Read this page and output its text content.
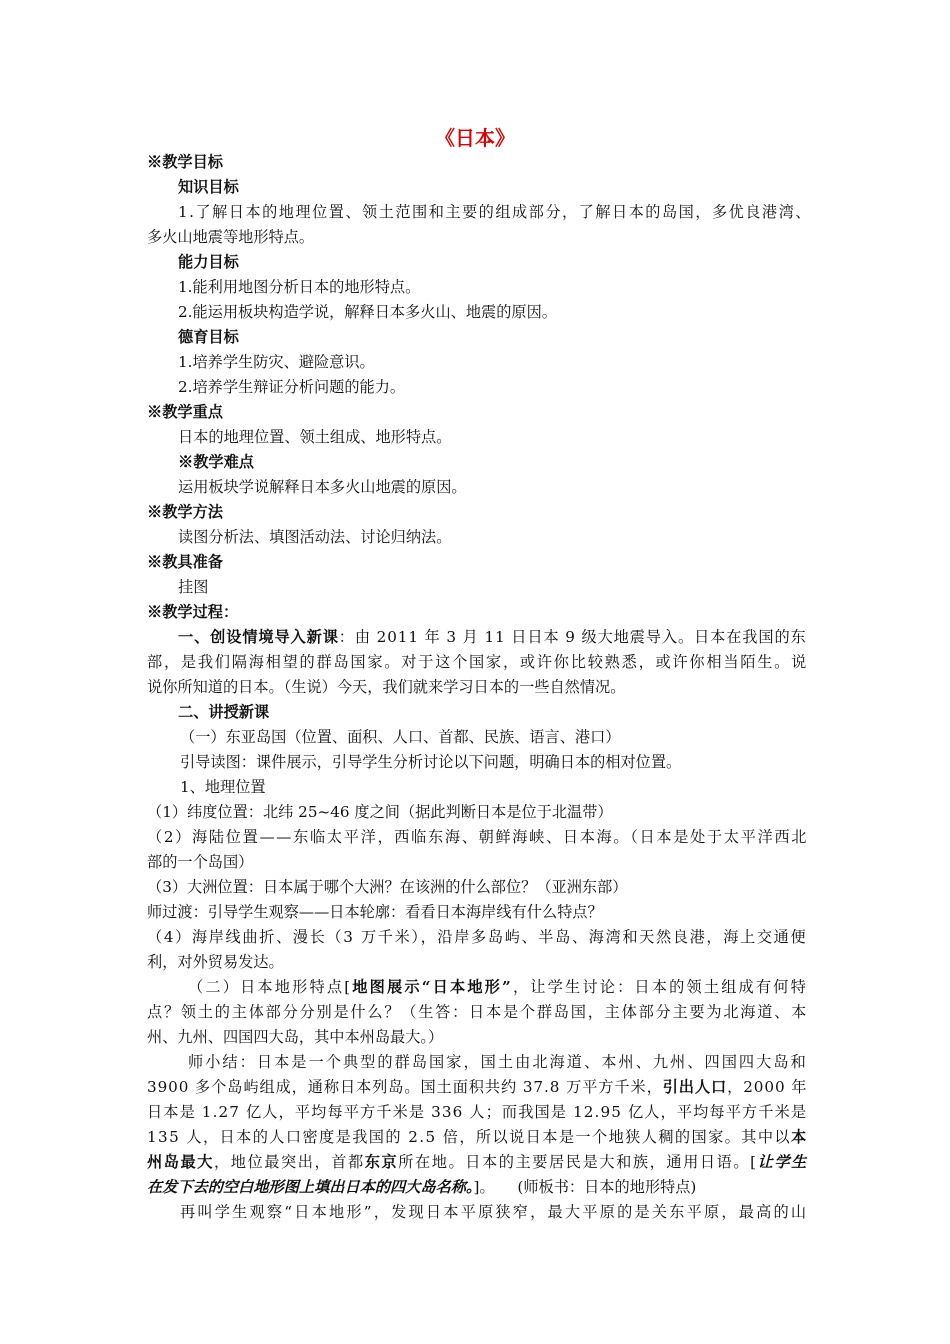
《日本》
※教学目标
知识目标
1.了解日本的地理位置、领土范围和主要的组成部分，了解日本的岛国，多优良港湾、
多火山地震等地形特点。
能力目标
1.能利用地图分析日本的地形特点。
2.能运用板块构造学说，解释日本多火山、地震的原因。
德育目标
1.培养学生防灾、避险意识。
2.培养学生辩证分析问题的能力。
※教学重点
日本的地理位置、领土组成、地形特点。
※教学难点
运用板块学说解释日本多火山地震的原因。
※教学方法
读图分析法、填图活动法、讨论归纳法。
※教具准备
挂图
※教学过程：
一、创设情境导入新课：由 2011 年 3 月 11 日日本 9 级大地震导入。日本在我国的东
部，是我们隔海相望的群岛国家。对于这个国家，或许你比较熟悉，或许你相当陌生。说
说你所知道的日本。（生说）今天，我们就来学习日本的一些自然情况。
二、讲授新课
（一）东亚岛国（位置、面积、人口、首都、民族、语言、港口）
引导读图：课件展示，引导学生分析讨论以下问题，明确日本的相对位置。
1、地理位置
（1）纬度位置：北纬 25~46 度之间（据此判断日本是位于北温带）
（2）海陆位置——东临太平洋，西临东海、朝鲜海峡、日本海。（日本是处于太平洋西北
部的一个岛国）
（3）大洲位置：日本属于哪个大洲？在该洲的什么部位？（亚洲东部）
师过渡：引导学生观察——日本轮廓：看看日本海岸线有什么特点？
（4）海岸线曲折、漫长（3 万千米），沿岸多岛屿、半岛、海湾和天然良港，海上交通便
利，对外贸易发达。
（二）日本地形特点[地图展示“日本地形”，让学生讨论：日本的领土组成有何特
点？领土的主体部分分别是什么？（生答：日本是个群岛国，主体部分主要为北海道、本
州、九州、四国四大岛，其中本州岛最大。）
师小结：日本是一个典型的群岛国家，国土由北海道、本州、九州、四国四大岛和
3900 多个岛屿组成，通称日本列岛。国土面积共约 37.8 万平方千米，引出人口，2000 年
日本是 1.27 亿人，平均每平方千米是 336 人；而我国是 12.95 亿人，平均每平方千米是
135 人，日本的人口密度是我国的 2.5 倍，所以说日本是一个地狭人稠的国家。其中以本
州岛最大，地位最突出，首都东京所在地。日本的主要居民是大和族，通用日语。[让学生
在发下去的空白地形图上填出日本的四大岛名称。]。　　(师板书：日本的地形特点)
再叫学生观察“日本地形”，发现日本平原狭窄，最大平原的是关东平原，最高的山
